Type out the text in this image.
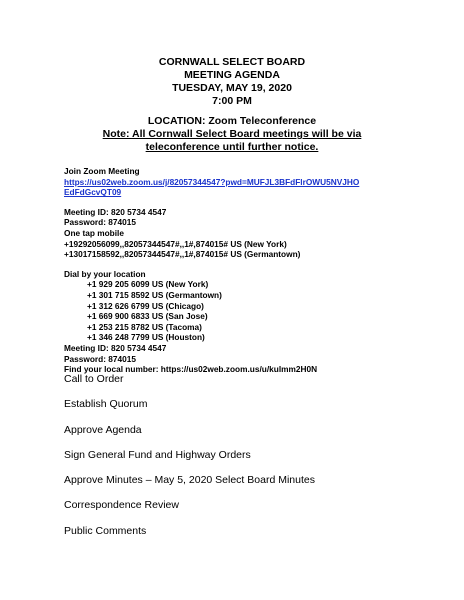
CORNWALL SELECT BOARD
MEETING AGENDA
TUESDAY, MAY 19, 2020
7:00 PM
LOCATION: Zoom Teleconference
Note: All Cornwall Select Board meetings will be via
teleconference until further notice.
Join Zoom Meeting
https://us02web.zoom.us/j/82057344547?pwd=MUFJL3BFdFlrOWU5NVJHO
EdFdGcvQT09
Meeting ID: 820 5734 4547
Password: 874015
One tap mobile
+19292056099,,82057344547#,,1#,874015# US (New York)
+13017158592,,82057344547#,,1#,874015# US (Germantown)
Dial by your location
+1 929 205 6099 US (New York)
+1 301 715 8592 US (Germantown)
+1 312 626 6799 US (Chicago)
+1 669 900 6833 US (San Jose)
+1 253 215 8782 US (Tacoma)
+1 346 248 7799 US (Houston)
Meeting ID: 820 5734 4547
Password: 874015
Find your local number: https://us02web.zoom.us/u/kulmm2H0N
Call to Order
Establish Quorum
Approve Agenda
Sign General Fund and Highway Orders
Approve Minutes – May 5, 2020 Select Board Minutes
Correspondence Review
Public Comments
